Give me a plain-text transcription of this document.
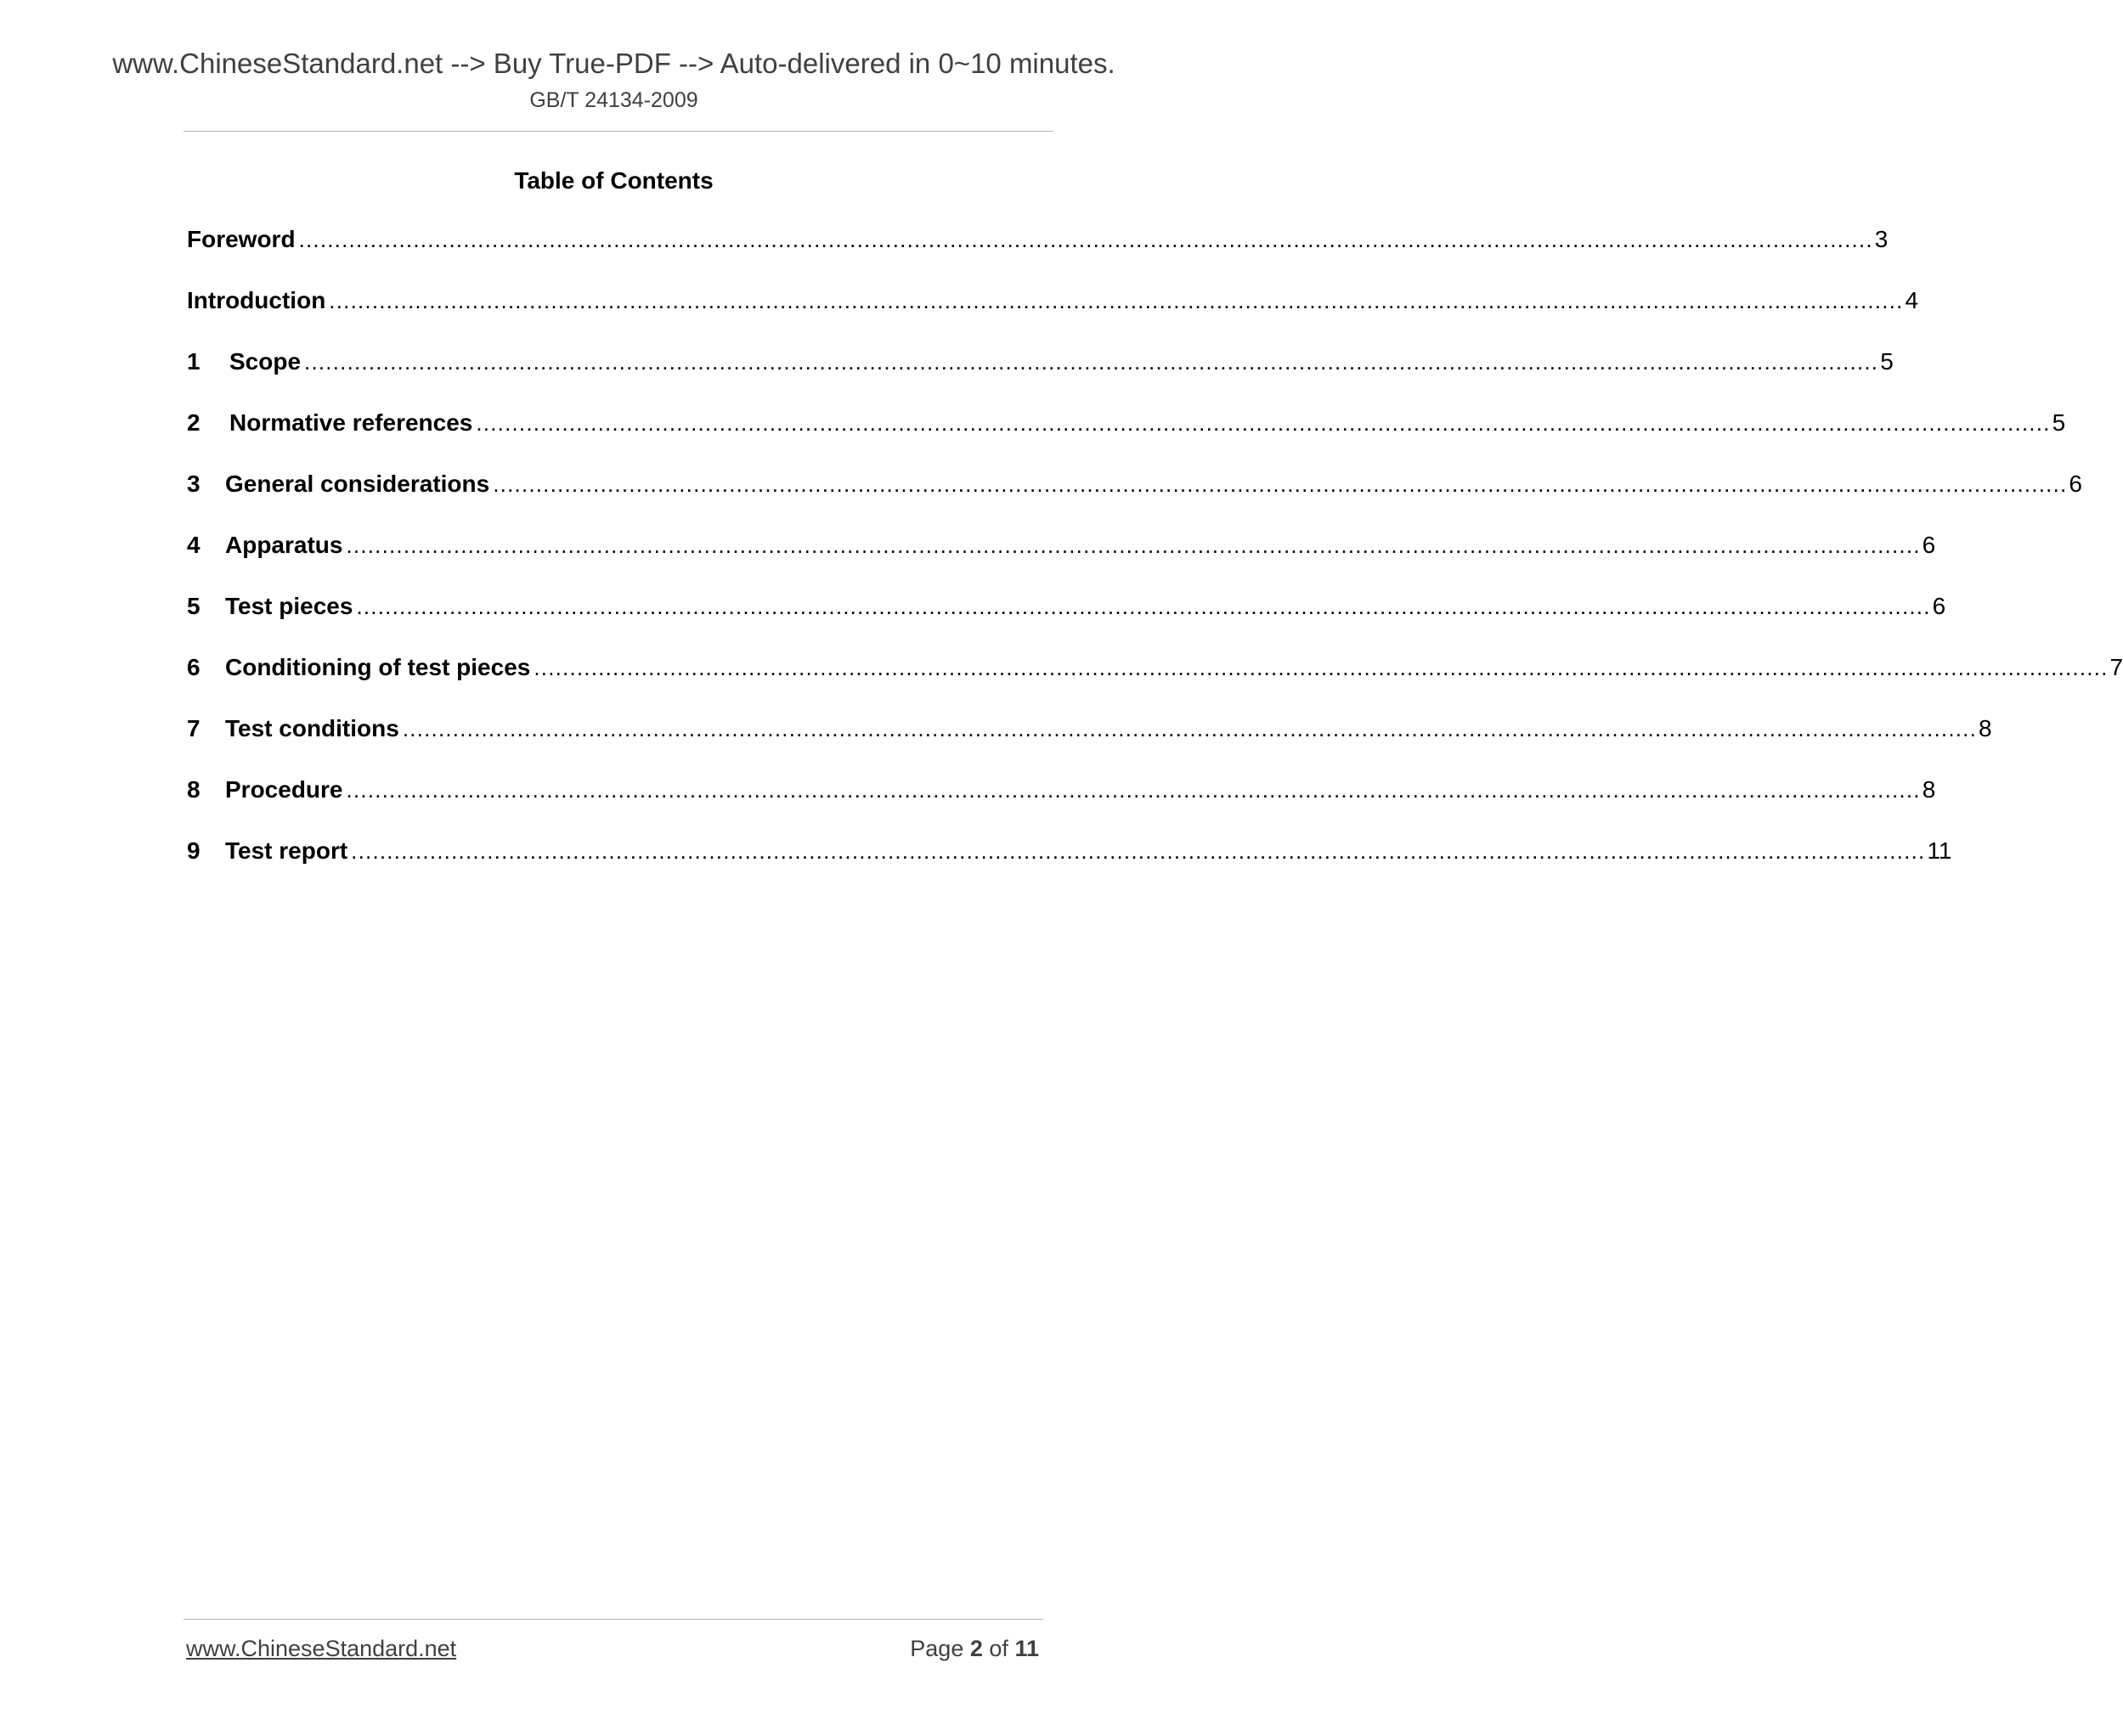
www.ChineseStandard.net --> Buy True-PDF --> Auto-delivered in 0~10 minutes.
GB/T 24134-2009
Table of Contents
Foreword ............................................................................................................................................................................................................................ 3
Introduction ............................................................................................................................................................................................................................ 4
1	Scope ............................................................................................................................................................................................................................ 5
2	Normative references ............................................................................................................................................................................................................................ 5
3	General considerations ............................................................................................................................................................................................................................ 6
4	Apparatus ............................................................................................................................................................................................................................ 6
5	Test pieces ............................................................................................................................................................................................................................ 6
6	Conditioning of test pieces ............................................................................................................................................................................................................................ 7
7	Test conditions ............................................................................................................................................................................................................................ 8
8	Procedure ............................................................................................................................................................................................................................ 8
9	Test report ............................................................................................................................................................................................................................ 11
www.ChineseStandard.net	Page 2 of 11
